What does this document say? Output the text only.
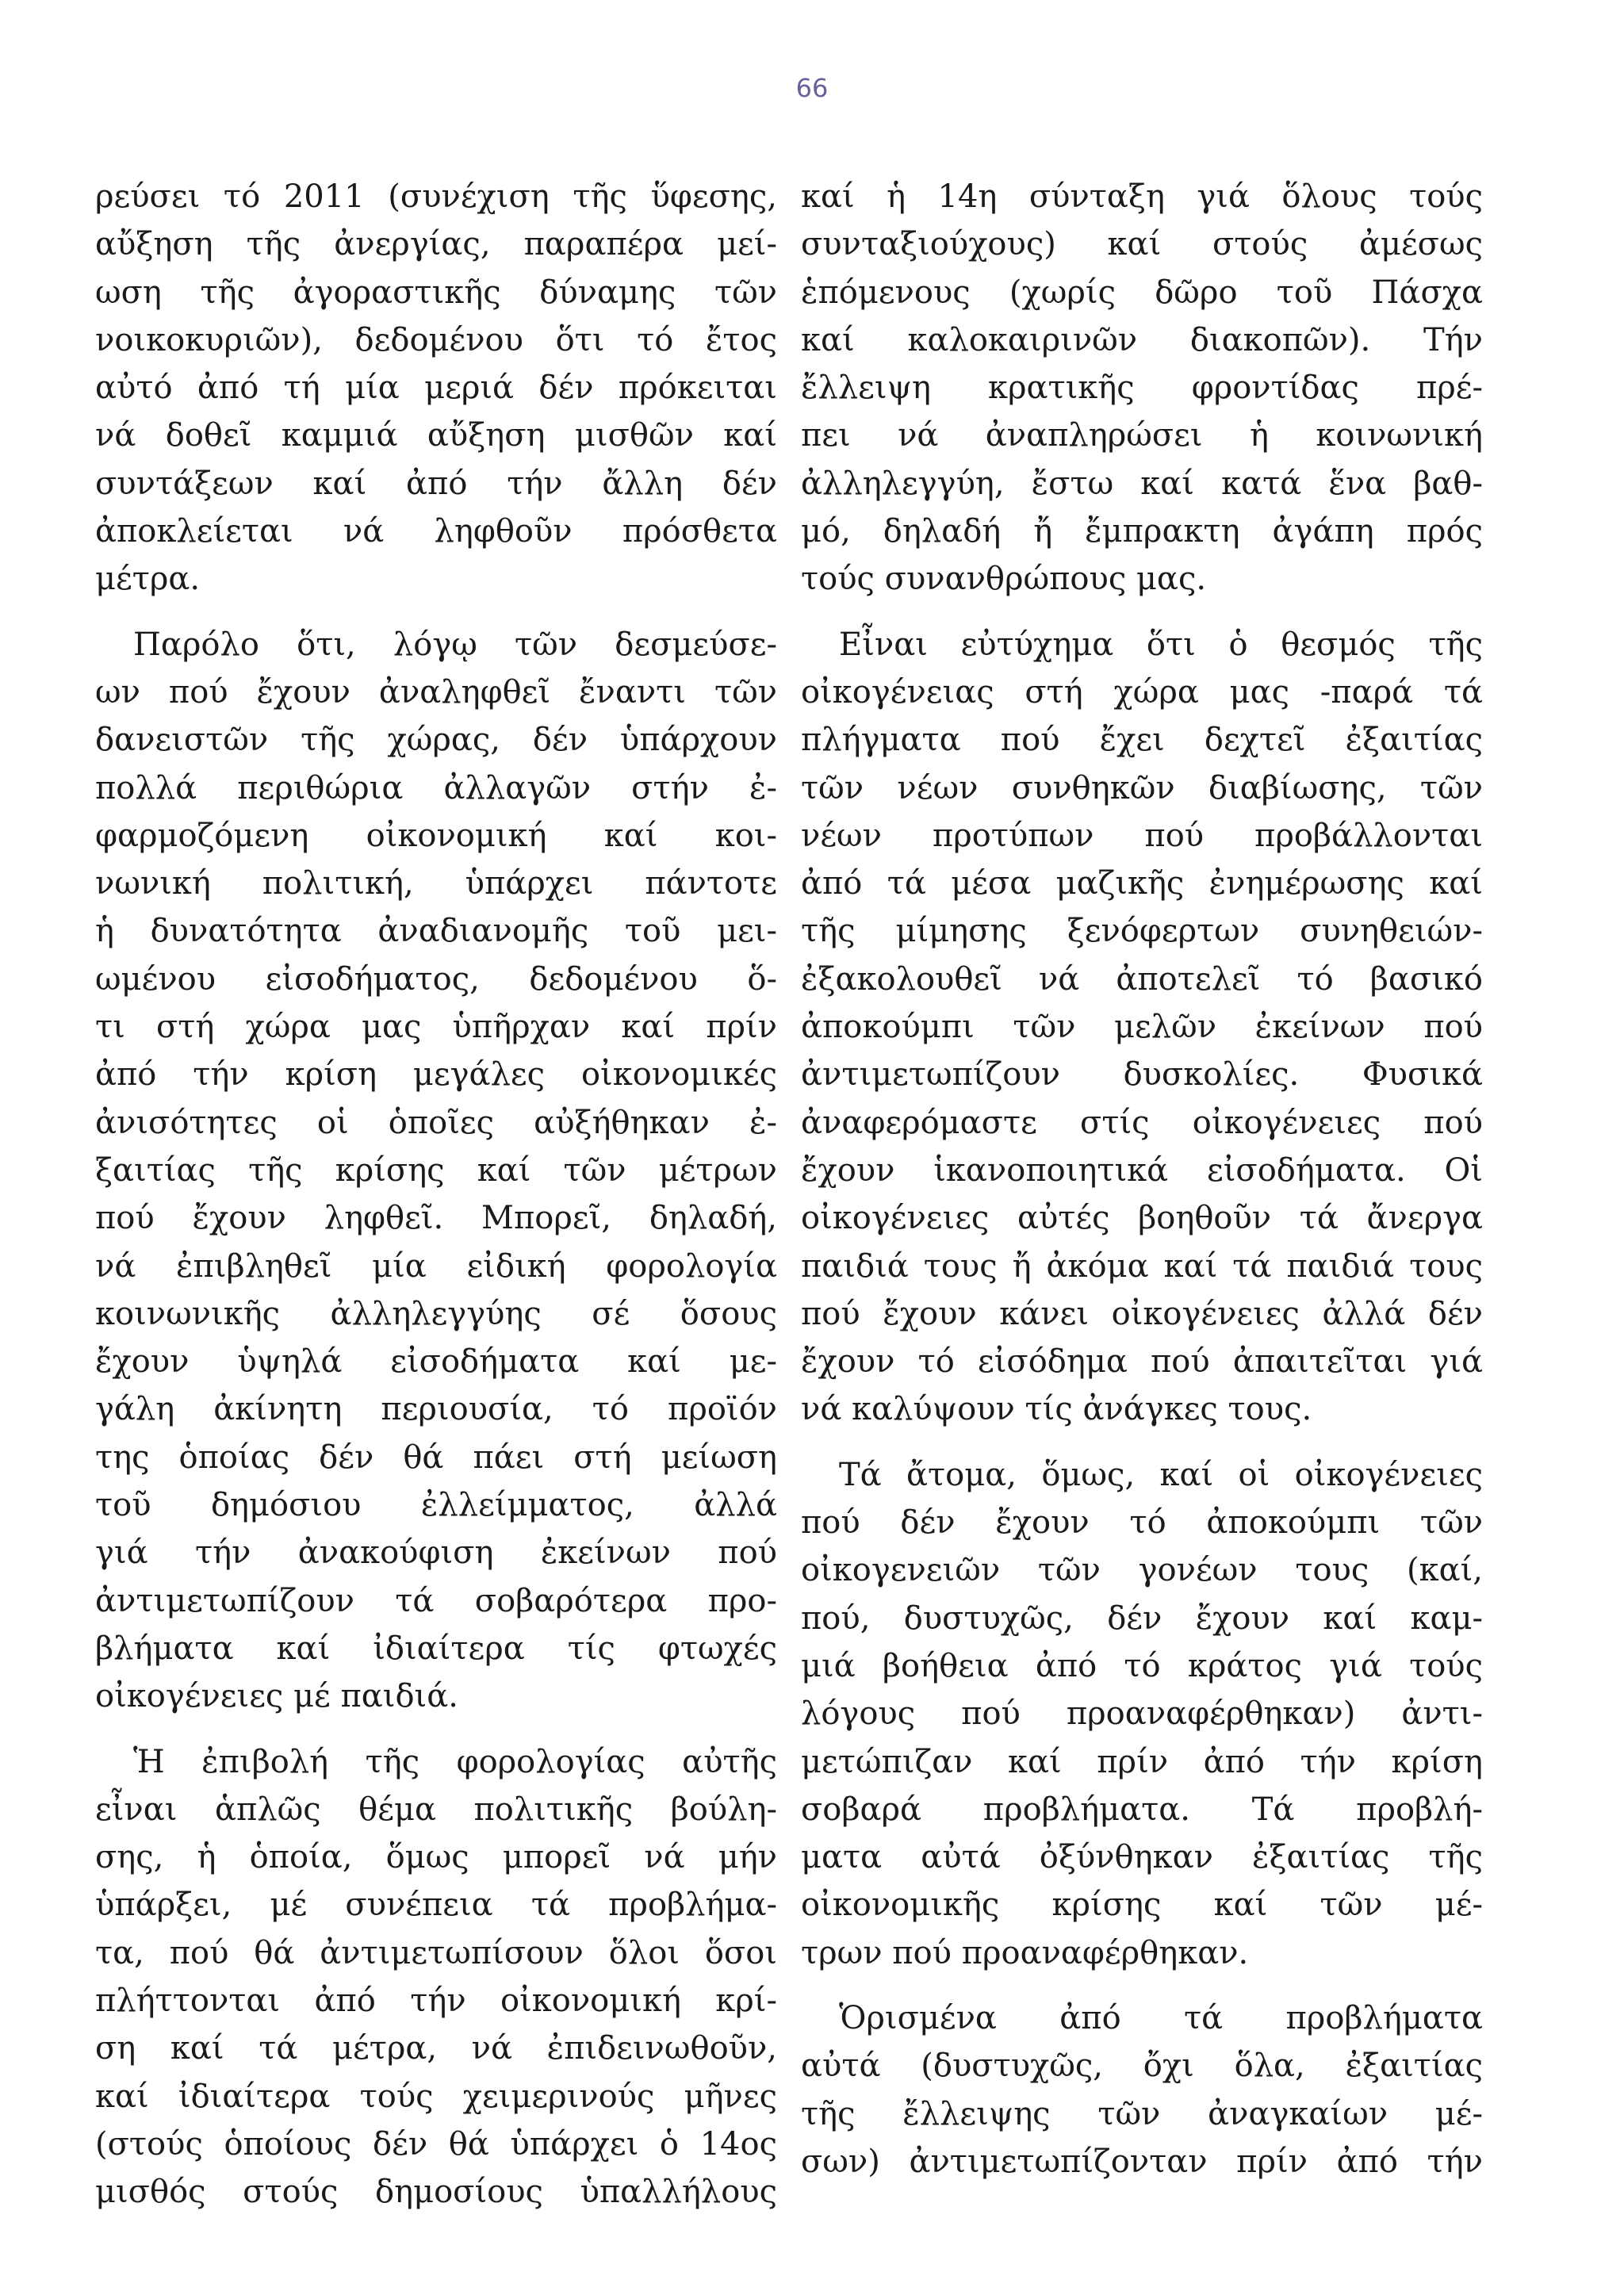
66
ρεύσει τό 2011 (συνέχιση τῆς ὕφεσης,
αὔξηση τῆς ἀνεργίας, παραπέρα μεί-
ωση τῆς ἀγοραστικῆς δύναμης τῶν
νοικοκυριῶν), δεδομένου ὅτι τό ἔτος
αὐτό ἀπό τή μία μεριά δέν πρόκειται
νά δοθεῖ καμμιά αὔξηση μισθῶν καί
συντάξεων καί ἀπό τήν ἄλλη δέν
ἀποκλείεται νά ληφθοῦν πρόσθετα
μέτρα.
Παρόλο ὅτι, λόγῳ τῶν δεσμεύσε-
ων πού ἔχουν ἀναληφθεῖ ἔναντι τῶν
δανειστῶν τῆς χώρας, δέν ὑπάρχουν
πολλά περιθώρια ἀλλαγῶν στήν ἐ-
φαρμοζόμενη οἰκονομική καί κοι-
νωνική πολιτική, ὑπάρχει πάντοτε
ἡ δυνατότητα ἀναδιανομῆς τοῦ μει-
ωμένου εἰσοδήματος, δεδομένου ὅ-
τι στή χώρα μας ὑπῆρχαν καί πρίν
ἀπό τήν κρίση μεγάλες οἰκονομικές
ἀνισότητες οἱ ὁποῖες αὐξήθηκαν ἐ-
ξαιτίας τῆς κρίσης καί τῶν μέτρων
πού ἔχουν ληφθεῖ. Μπορεῖ, δηλαδή,
νά ἐπιβληθεῖ μία εἰδική φορολογία
κοινωνικῆς ἀλληλεγγύης σέ ὅσους
ἔχουν ὑψηλά εἰσοδήματα καί με-
γάλη ἀκίνητη περιουσία, τό προϊόν
της ὁποίας δέν θά πάει στή μείωση
τοῦ δημόσιου ἐλλείμματος, ἀλλά
γιά τήν ἀνακούφιση ἐκείνων πού
ἀντιμετωπίζουν τά σοβαρότερα προ-
βλήματα καί ἰδιαίτερα τίς φτωχές
οἰκογένειες μέ παιδιά.
Ἡ ἐπιβολή τῆς φορολογίας αὐτῆς
εἶναι ἁπλῶς θέμα πολιτικῆς βούλη-
σης, ἡ ὁποία, ὅμως μπορεῖ νά μήν
ὑπάρξει, μέ συνέπεια τά προβλήμα-
τα, πού θά ἀντιμετωπίσουν ὅλοι ὅσοι
πλήττονται ἀπό τήν οἰκονομική κρί-
ση καί τά μέτρα, νά ἐπιδεινωθοῦν,
καί ἰδιαίτερα τούς χειμερινούς μῆνες
(στούς ὁποίους δέν θά ὑπάρχει ὁ 14ος
μισθός στούς δημοσίους ὑπαλλήλους
καί ἡ 14η σύνταξη γιά ὅλους τούς
συνταξιούχους) καί στούς ἀμέσως
ἑπόμενους (χωρίς δῶρο τοῦ Πάσχα
καί καλοκαιρινῶν διακοπῶν). Τήν
ἔλλειψη κρατικῆς φροντίδας πρέ-
πει νά ἀναπληρώσει ἡ κοινωνική
ἀλληλεγγύη, ἔστω καί κατά ἕνα βαθ-
μό, δηλαδή ἤ ἔμπρακτη ἀγάπη πρός
τούς συνανθρώπους μας.
Εἶναι εὐτύχημα ὅτι ὁ θεσμός τῆς
οἰκογένειας στή χώρα μας -παρά τά
πλήγματα πού ἔχει δεχτεῖ ἐξαιτίας
τῶν νέων συνθηκῶν διαβίωσης, τῶν
νέων προτύπων πού προβάλλονται
ἀπό τά μέσα μαζικῆς ἐνημέρωσης καί
τῆς μίμησης ξενόφερτων συνηθειών-
ἐξακολουθεῖ νά ἀποτελεῖ τό βασικό
ἀποκούμπι τῶν μελῶν ἐκείνων πού
ἀντιμετωπίζουν δυσκολίες. Φυσικά
ἀναφερόμαστε στίς οἰκογένειες πού
ἔχουν ἱκανοποιητικά εἰσοδήματα. Οἱ
οἰκογένειες αὐτές βοηθοῦν τά ἄνεργα
παιδιά τους ἤ ἀκόμα καί τά παιδιά τους
πού ἔχουν κάνει οἰκογένειες ἀλλά δέν
ἔχουν τό εἰσόδημα πού ἀπαιτεῖται γιά
νά καλύψουν τίς ἀνάγκες τους.
Τά ἄτομα, ὅμως, καί οἱ οἰκογένειες
πού δέν ἔχουν τό ἀποκούμπι τῶν
οἰκογενειῶν τῶν γονέων τους (καί,
πού, δυστυχῶς, δέν ἔχουν καί καμ-
μιά βοήθεια ἀπό τό κράτος γιά τούς
λόγους πού προαναφέρθηκαν) ἀντι-
μετώπιζαν καί πρίν ἀπό τήν κρίση
σοβαρά προβλήματα. Τά προβλή-
ματα αὐτά ὀξύνθηκαν ἐξαιτίας τῆς
οἰκονομικῆς κρίσης καί τῶν μέ-
τρων πού προαναφέρθηκαν.
Ὁρισμένα ἀπό τά προβλήματα
αὐτά (δυστυχῶς, ὄχι ὅλα, ἐξαιτίας
τῆς ἔλλειψης τῶν ἀναγκαίων μέ-
σων) ἀντιμετωπίζονταν πρίν ἀπό τήν
